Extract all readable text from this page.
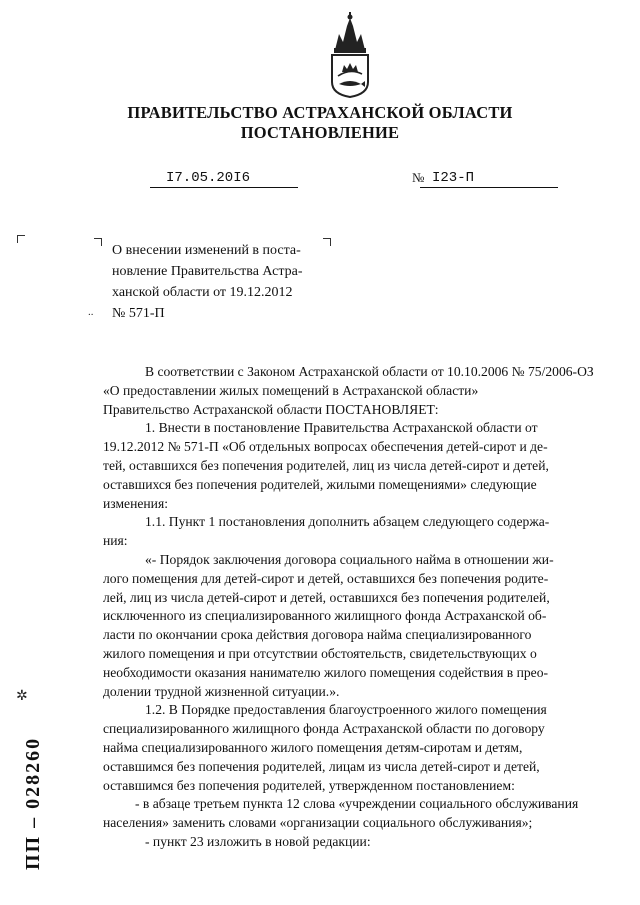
ПРАВИТЕЛЬСТВО АСТРАХАНСКОЙ ОБЛАСТИ
ПОСТАНОВЛЕНИЕ
I7.05.20I6	№ I23-П
..
О внесении изменений в поста-
новление Правительства Астра-
ханской области от 19.12.2012
№ 571-П
В соответствии с Законом Астраханской области от 10.10.2006 № 75/2006-ОЗ
«О предоставлении жилых помещений в Астраханской области»
Правительство Астраханской области ПОСТАНОВЛЯЕТ:
1. Внести в постановление Правительства Астраханской области от
19.12.2012 № 571-П «Об отдельных вопросах обеспечения детей-сирот и де-
тей, оставшихся без попечения родителей, лиц из числа детей-сирот и детей,
оставшихся без попечения родителей, жилыми помещениями» следующие
изменения:
1.1. Пункт 1 постановления дополнить абзацем следующего содержа-
ния:
«- Порядок заключения договора социального найма в отношении жи-
лого помещения для детей-сирот и детей, оставшихся без попечения родите-
лей, лиц из числа детей-сирот и детей, оставшихся без попечения родителей,
исключенного из специализированного жилищного фонда Астраханской об-
ласти по окончании срока действия договора найма специализированного
жилого помещения и при отсутствии обстоятельств, свидетельствующих о
необходимости оказания нанимателю жилого помещения содействия в прео-
долении трудной жизненной ситуации.».
1.2. В Порядке предоставления благоустроенного жилого помещения
специализированного жилищного фонда Астраханской области по договору
найма специализированного жилого помещения детям-сиротам и детям,
оставшимся без попечения родителей, лицам из числа детей-сирот и детей,
оставшимся без попечения родителей, утвержденном постановлением:
- в абзаце третьем пункта 12 слова «учреждении социального обслуживания
населения» заменить словами «организации социального обслуживания»;
- пункт 23 изложить в новой редакции:
✲
ПП – 028260
